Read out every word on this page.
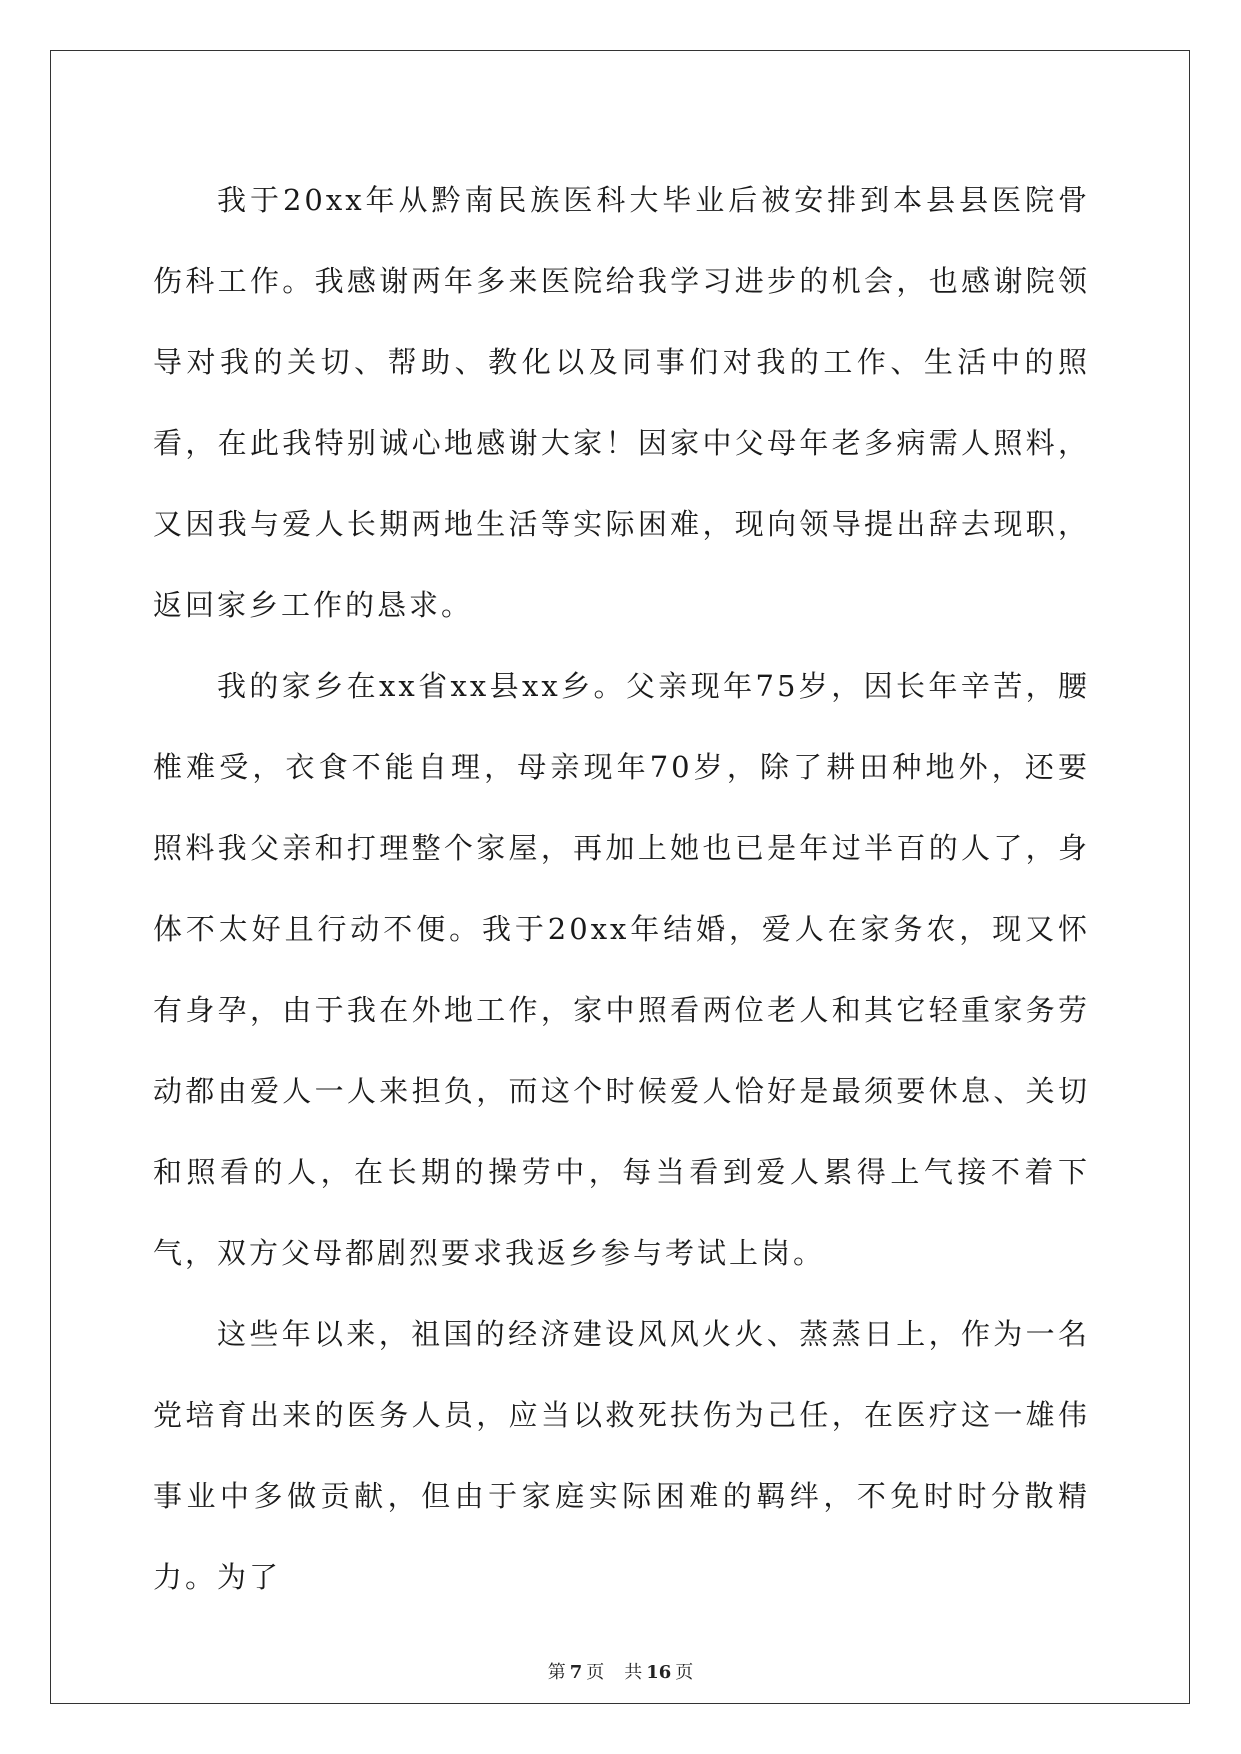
我于20xx年从黔南民族医科大毕业后被安排到本县县医院骨伤科工作。我感谢两年多来医院给我学习进步的机会，也感谢院领导对我的关切、帮助、教化以及同事们对我的工作、生活中的照看，在此我特别诚心地感谢大家！因家中父母年老多病需人照料，又因我与爱人长期两地生活等实际困难，现向领导提出辞去现职，返回家乡工作的恳求。

我的家乡在xx省xx县xx乡。父亲现年75岁，因长年辛苦，腰椎难受，衣食不能自理，母亲现年70岁，除了耕田种地外，还要照料我父亲和打理整个家屋，再加上她也已是年过半百的人了，身体不太好且行动不便。我于20xx年结婚，爱人在家务农，现又怀有身孕，由于我在外地工作，家中照看两位老人和其它轻重家务劳动都由爱人一人来担负，而这个时候爱人恰好是最须要休息、关切和照看的人，在长期的操劳中，每当看到爱人累得上气接不着下气，双方父母都剧烈要求我返乡参与考试上岗。

这些年以来，祖国的经济建设风风火火、蒸蒸日上，作为一名党培育出来的医务人员，应当以救死扶伤为己任，在医疗这一雄伟事业中多做贡献，但由于家庭实际困难的羁绊，不免时时分散精力。为了

第 7 页 共 16 页
